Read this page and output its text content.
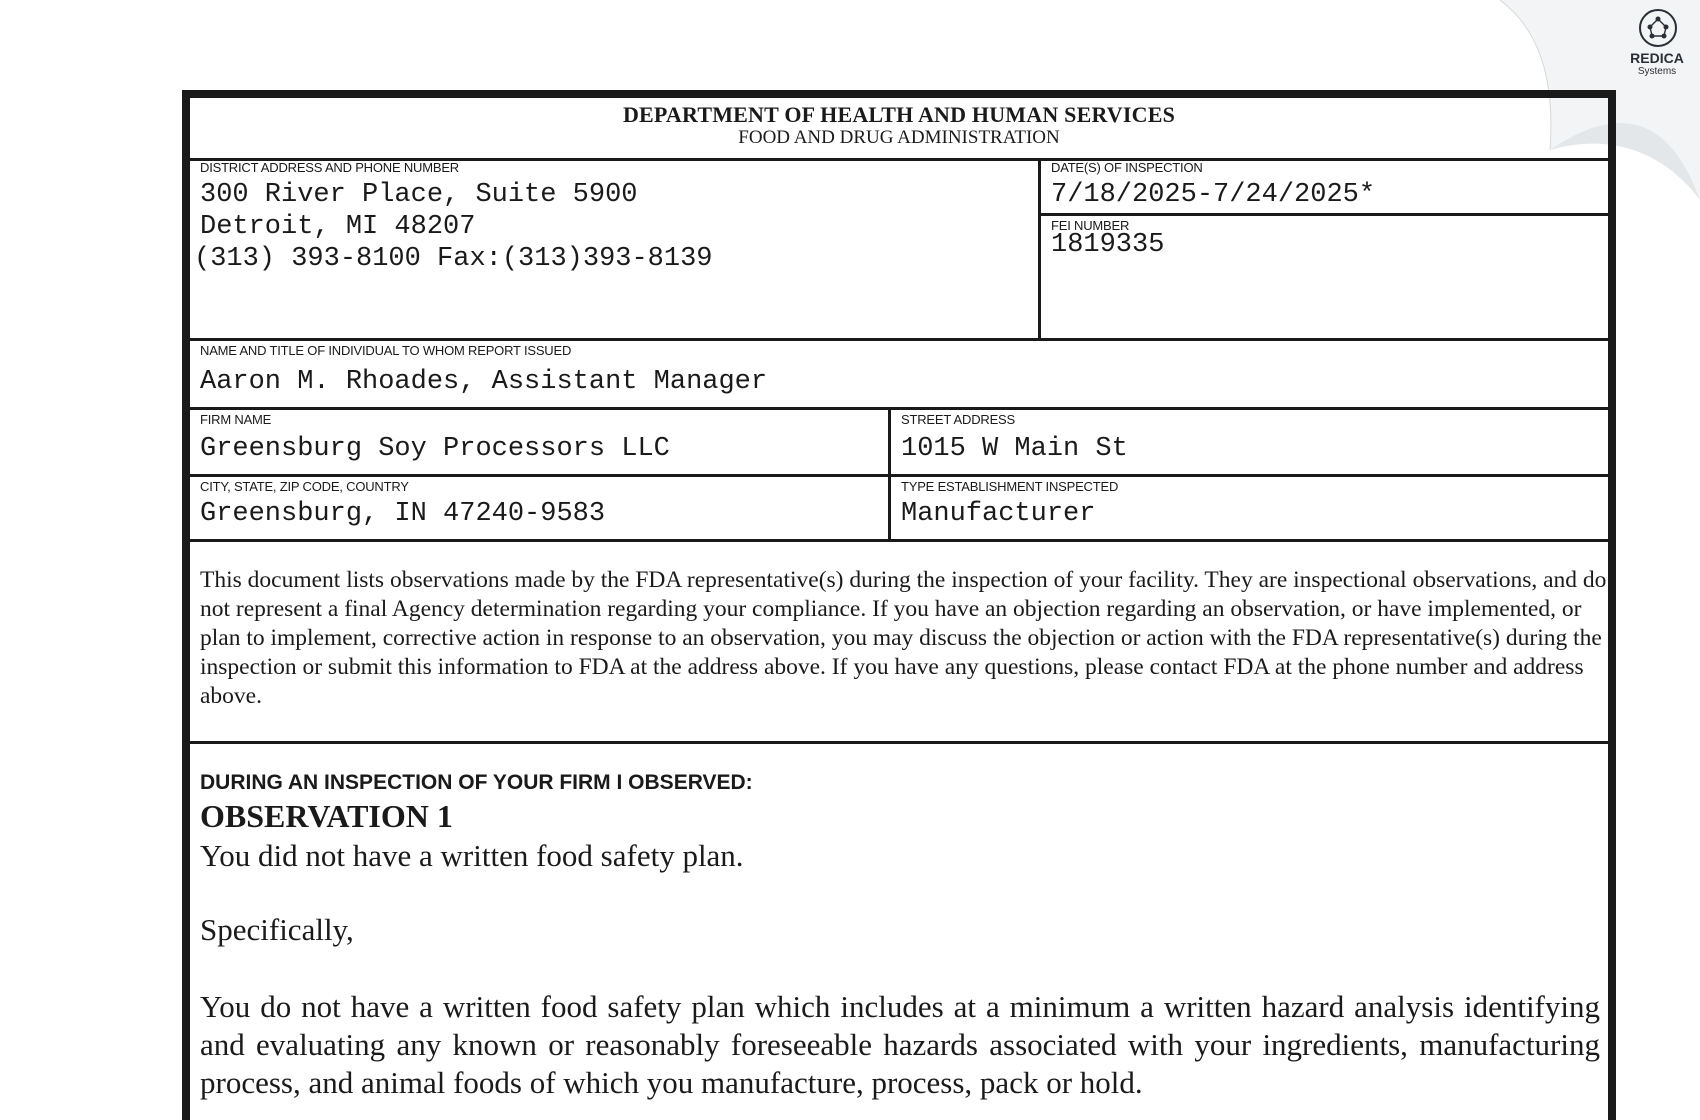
REDICA
Systems
DEPARTMENT OF HEALTH AND HUMAN SERVICES
FOOD AND DRUG ADMINISTRATION
DISTRICT ADDRESS AND PHONE NUMBER
300 River Place, Suite 5900
Detroit, MI 48207
(313) 393-8100 Fax:(313)393-8139
DATE(S) OF INSPECTION
7/18/2025-7/24/2025*
FEI NUMBER
1819335
NAME AND TITLE OF INDIVIDUAL TO WHOM REPORT ISSUED
Aaron M. Rhoades, Assistant Manager
FIRM NAME
Greensburg Soy Processors LLC
STREET ADDRESS
1015 W Main St
CITY, STATE, ZIP CODE, COUNTRY
Greensburg, IN 47240-9583
TYPE ESTABLISHMENT INSPECTED
Manufacturer
This document lists observations made by the FDA representative(s) during the inspection of your facility. They are inspectional observations, and do not represent a final Agency determination regarding your compliance. If you have an objection regarding an observation, or have implemented, or plan to implement, corrective action in response to an observation, you may discuss the objection or action with the FDA representative(s) during the inspection or submit this information to FDA at the address above. If you have any questions, please contact FDA at the phone number and address above.
DURING AN INSPECTION OF YOUR FIRM I OBSERVED:
OBSERVATION 1
You did not have a written food safety plan.
Specifically,
You do not have a written food safety plan which includes at a minimum a written hazard analysis identifying and evaluating any known or reasonably foreseeable hazards associated with your ingredients, manufacturing process, and animal foods of which you manufacture, process, pack or hold.
